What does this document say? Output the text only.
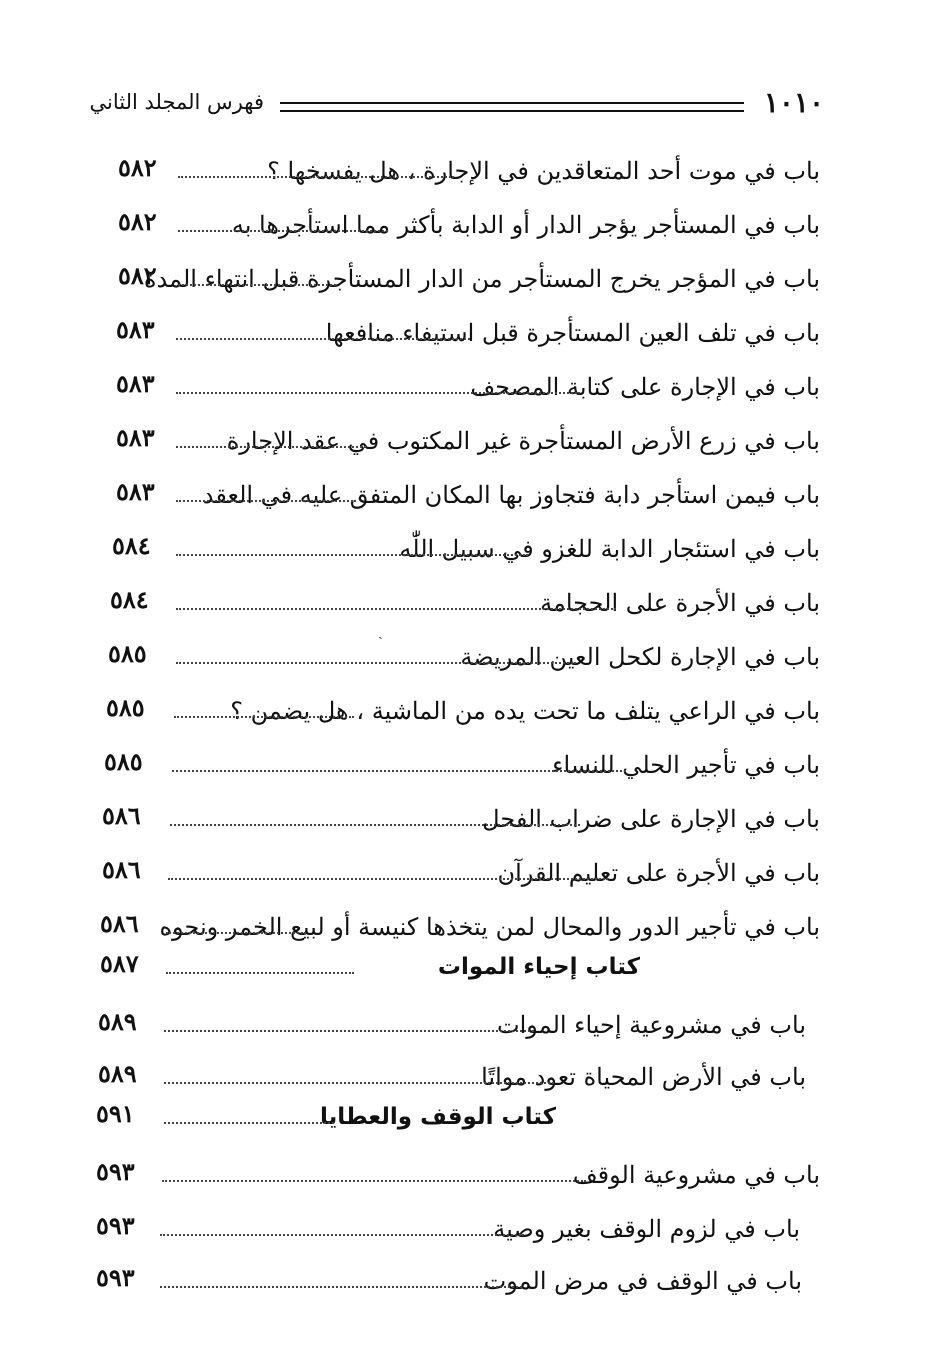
فهرس المجلد الثاني	١٠١٠
باب في موت أحد المتعاقدين في الإجارة ، هل يفسخها ؟
٥٨٢
باب في المستأجر يؤجر الدار أو الدابة بأكثر مما استأجرها به
٥٨٢
باب في المؤجر يخرج المستأجر من الدار المستأجرة قبل انتهاء المدة
٥٨٢
باب في تلف العين المستأجرة قبل استيفاء منافعها
٥٨٣
باب في الإجارة على كتابة المصحف
٥٨٣
باب في زرع الأرض المستأجرة غير المكتوب في عقد الإجارة
٥٨٣
باب فيمن استأجر دابة فتجاوز بها المكان المتفق عليه في العقد
٥٨٣
باب في استئجار الدابة للغزو في سبيل اللّٰه
٥٨٤
باب في الأجرة على الحجامة
٥٨٤
باب في الإجارة لكحل العين المريضة
٥٨٥
باب في الراعي يتلف ما تحت يده من الماشية ، هل يضمن ؟
٥٨٥
باب في تأجير الحلي للنساء
٥٨٥
باب في الإجارة على ضراب الفحل
٥٨٦
باب في الأجرة على تعليم القرآن
٥٨٦
باب في تأجير الدور والمحال لمن يتخذها كنيسة أو لبيع الخمر ونحوه
٥٨٦
كتاب إحياء الموات
٥٨٧
باب في مشروعية إحياء الموات
٥٨٩
باب في الأرض المحياة تعود مواتًا
٥٨٩
كتاب الوقف والعطايا
٥٩١
باب في مشروعية الوقف
٥٩٣
باب في لزوم الوقف بغير وصية
٥٩٣
باب في الوقف في مرض الموت
٥٩٣
ˎ
